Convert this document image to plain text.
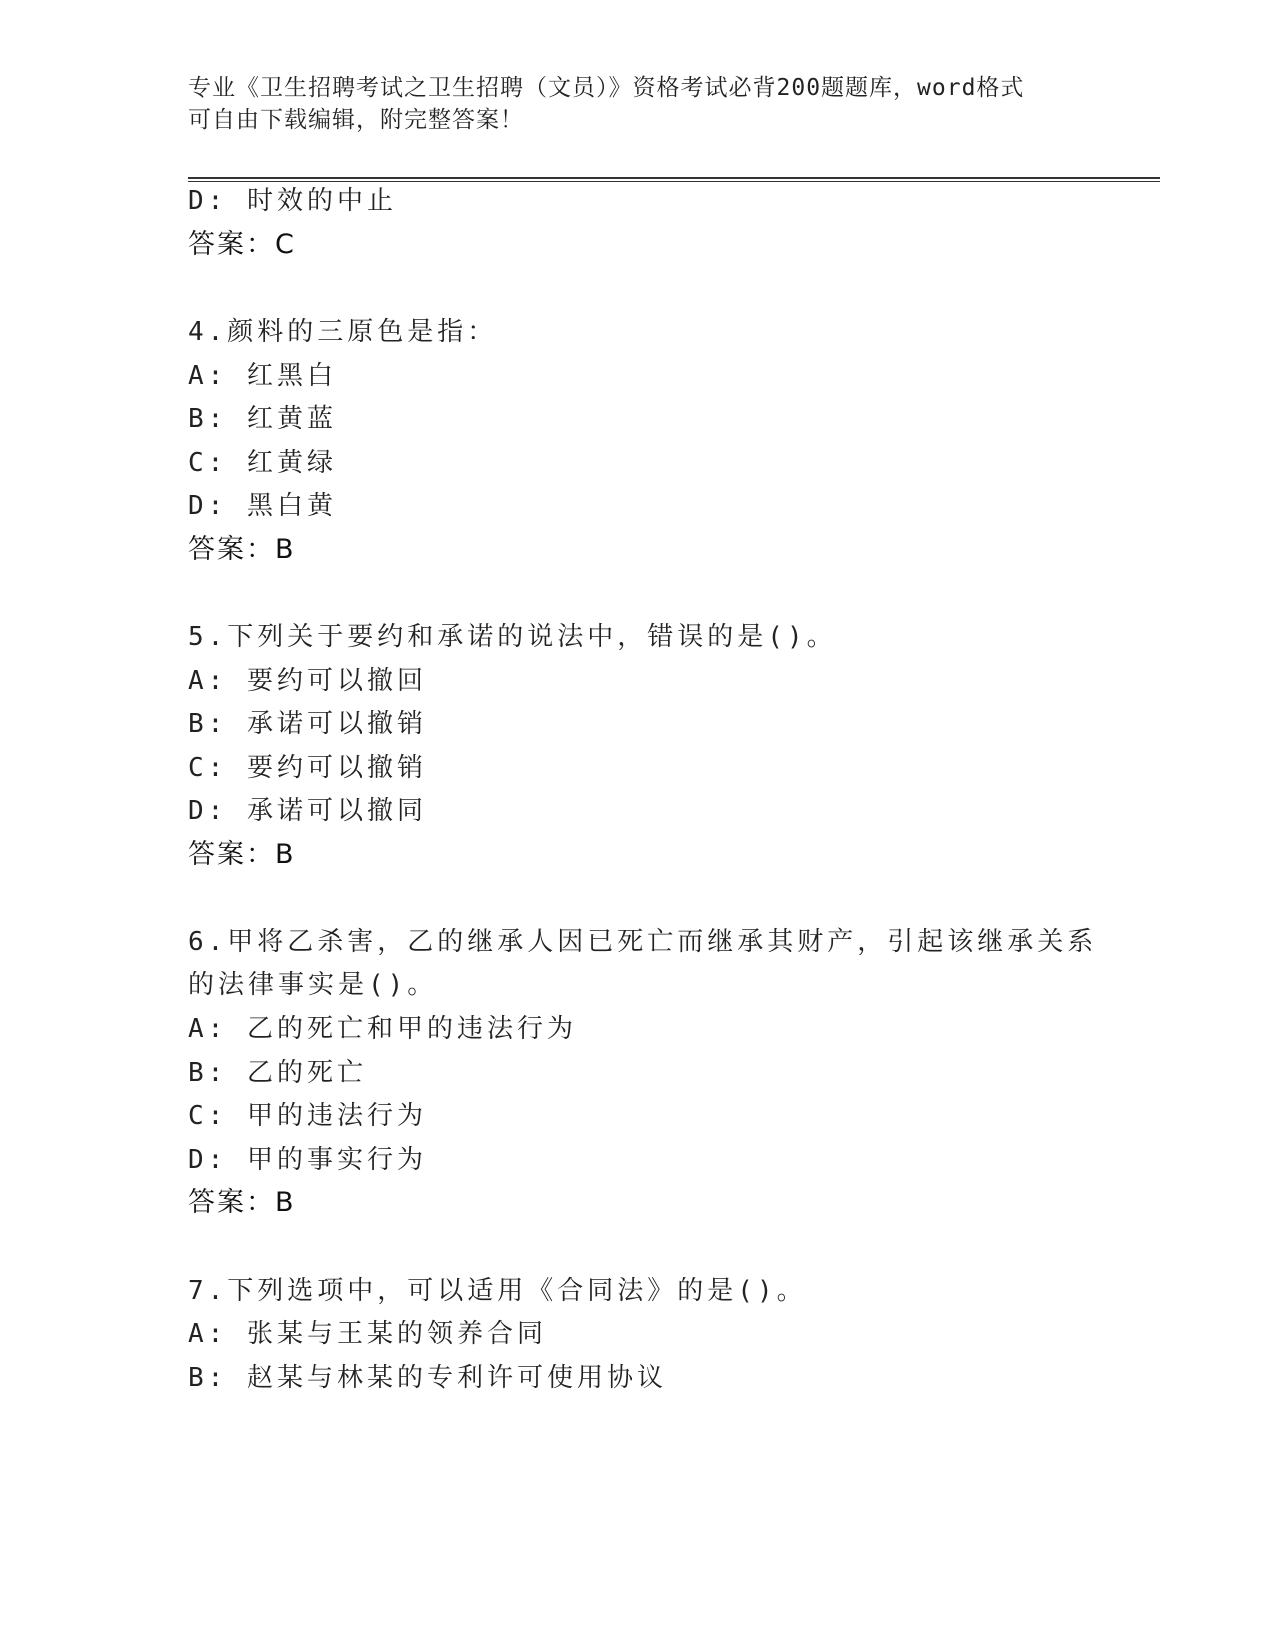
专业《卫生招聘考试之卫生招聘（文员）》资格考试必背200题题库，word格式
可自由下载编辑，附完整答案！
D: 时效的中止
答案：C
4.颜料的三原色是指：
A: 红黑白
B: 红黄蓝
C: 红黄绿
D: 黑白黄
答案：B
5.下列关于要约和承诺的说法中，错误的是()。
A: 要约可以撤回
B: 承诺可以撤销
C: 要约可以撤销
D: 承诺可以撤同
答案：B
6.甲将乙杀害，乙的继承人因已死亡而继承其财产，引起该继承关系
的法律事实是()。
A: 乙的死亡和甲的违法行为
B: 乙的死亡
C: 甲的违法行为
D: 甲的事实行为
答案：B
7.下列选项中，可以适用《合同法》的是()。
A: 张某与王某的领养合同
B: 赵某与林某的专利许可使用协议
